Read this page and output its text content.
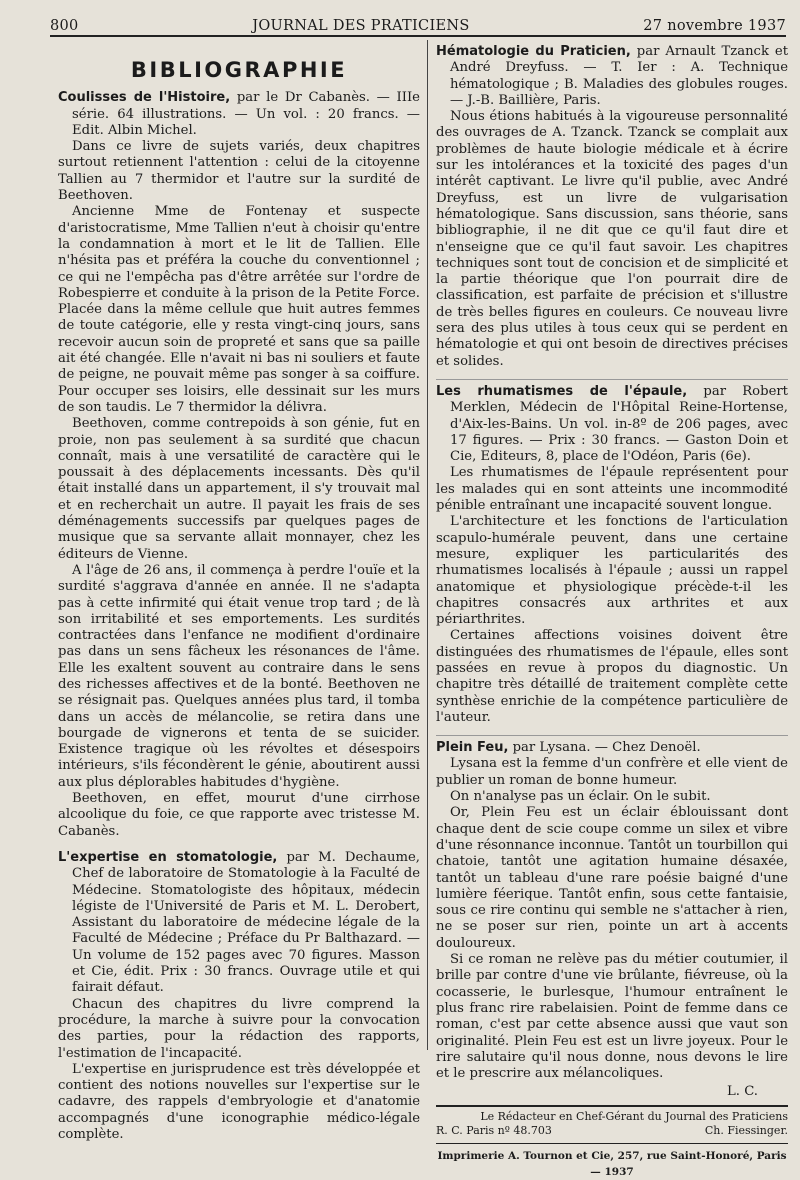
800	JOURNAL DES PRATICIENS	27 novembre 1937
BIBLIOGRAPHIE

Coulisses de l'Histoire, par le Dr Cabanès. — IIIe série. 64 illustrations. — Un vol. : 20 francs. — Edit. Albin Michel.

Dans ce livre de sujets variés, deux chapitres surtout retiennent l'attention : celui de la citoyenne Tallien au 7 thermidor et l'autre sur la surdité de Beethoven.

Ancienne Mme de Fontenay et suspecte d'aristocratisme, Mme Tallien n'eut à choisir qu'entre la condamnation à mort et le lit de Tallien. Elle n'hésita pas et préféra la couche du conventionnel ; ce qui ne l'empêcha pas d'être arrêtée sur l'ordre de Robespierre et conduite à la prison de la Petite Force. Placée dans la même cellule que huit autres femmes de toute catégorie, elle y resta vingt-cinq jours, sans recevoir aucun soin de propreté et sans que sa paille ait été changée. Elle n'avait ni bas ni souliers et faute de peigne, ne pouvait même pas songer à sa coiffure. Pour occuper ses loisirs, elle dessinait sur les murs de son taudis. Le 7 thermidor la délivra.

Beethoven, comme contrepoids à son génie, fut en proie, non pas seulement à sa surdité que chacun connaît, mais à une versatilité de caractère qui le poussait à des déplacements incessants. Dès qu'il était installé dans un appartement, il s'y trouvait mal et en recherchait un autre. Il payait les frais de ses déménagements successifs par quelques pages de musique que sa servante allait monnayer, chez les éditeurs de Vienne.

A l'âge de 26 ans, il commença à perdre l'ouïe et la surdité s'aggrava d'année en année. Il ne s'adapta pas à cette infirmité qui était venue trop tard ; de là son irritabilité et ses emportements. Les surdités contractées dans l'enfance ne modifient d'ordinaire pas dans un sens fâcheux les résonances de l'âme. Elle les exaltent souvent au contraire dans le sens des richesses affectives et de la bonté. Beethoven ne se résignait pas. Quelques années plus tard, il tomba dans un accès de mélancolie, se retira dans une bourgade de vignerons et tenta de se suicider. Existence tragique où les révoltes et désespoirs intérieurs, s'ils fécondèrent le génie, aboutirent aussi aux plus déplorables habitudes d'hygiène.

Beethoven, en effet, mourut d'une cirrhose alcoolique du foie, ce que rapporte avec tristesse M. Cabanès.

L'expertise en stomatologie, par M. Dechaume, Chef de laboratoire de Stomatologie à la Faculté de Médecine. Stomatologiste des hôpitaux, médecin légiste de l'Université de Paris et M. L. Derobert, Assistant du laboratoire de médecine légale de la Faculté de Médecine ; Préface du Pr Balthazard. — Un volume de 152 pages avec 70 figures. Masson et Cie, édit. Prix : 30 francs. Ouvrage utile et qui fairait défaut.

Chacun des chapitres du livre comprend la procédure, la marche à suivre pour la convocation des parties, pour la rédaction des rapports, l'estimation de l'incapacité.

L'expertise en jurisprudence est très développée et contient des notions nouvelles sur l'expertise sur le cadavre, des rappels d'embryologie et d'anatomie accompagnés d'une iconographie médico-légale complète.

Hématologie du Praticien, par Arnault Tzanck et André Dreyfuss. — T. Ier : A. Technique hématologique ; B. Maladies des globules rouges. — J.-B. Baillière, Paris.

Nous étions habitués à la vigoureuse personnalité des ouvrages de A. Tzanck. Tzanck se complait aux problèmes de haute biologie médicale et à écrire sur les intolérances et la toxicité des pages d'un intérêt captivant. Le livre qu'il publie, avec André Dreyfuss, est un livre de vulgarisation hématologique. Sans discussion, sans théorie, sans bibliographie, il ne dit que ce qu'il faut dire et n'enseigne que ce qu'il faut savoir. Les chapitres techniques sont tout de concision et de simplicité et la partie théorique que l'on pourrait dire de classification, est parfaite de précision et s'illustre de très belles figures en couleurs. Ce nouveau livre sera des plus utiles à tous ceux qui se perdent en hématologie et qui ont besoin de directives précises et solides.

Les rhumatismes de l'épaule, par Robert Merklen, Médecin de l'Hôpital Reine-Hortense, d'Aix-les-Bains. Un vol. in-8º de 206 pages, avec 17 figures. — Prix : 30 francs. — Gaston Doin et Cie, Editeurs, 8, place de l'Odéon, Paris (6e).

Les rhumatismes de l'épaule représentent pour les malades qui en sont atteints une incommodité pénible entraînant une incapacité souvent longue.

L'architecture et les fonctions de l'articulation scapulo-humérale peuvent, dans une certaine mesure, expliquer les particularités des rhumatismes localisés à l'épaule ; aussi un rappel anatomique et physiologique précède-t-il les chapitres consacrés aux arthrites et aux périarthrites.

Certaines affections voisines doivent être distinguées des rhumatismes de l'épaule, elles sont passées en revue à propos du diagnostic. Un chapitre très détaillé de traitement complète cette synthèse enrichie de la compétence particulière de l'auteur.

Plein Feu, par Lysana. — Chez Denoël.

Lysana est la femme d'un confrère et elle vient de publier un roman de bonne humeur.

On n'analyse pas un éclair. On le subit.

Or, Plein Feu est un éclair éblouissant dont chaque dent de scie coupe comme un silex et vibre d'une résonnance inconnue. Tantôt un tourbillon qui chatoie, tantôt une agitation humaine désaxée, tantôt un tableau d'une rare poésie baigné d'une lumière féerique. Tantôt enfin, sous cette fantaisie, sous ce rire continu qui semble ne s'attacher à rien, ne se poser sur rien, pointe un art à accents douloureux.

Si ce roman ne relève pas du métier coutumier, il brille par contre d'une vie brûlante, fiévreuse, où la cocasserie, le burlesque, l'humour entraînent le plus franc rire rabelaisien. Point de femme dans ce roman, c'est par cette absence aussi que vaut son originalité. Plein Feu est est un livre joyeux. Pour le rire salutaire qu'il nous donne, nous devons le lire et le prescrire aux mélancoliques.

L. C.
Le Rédacteur en Chef-Gérant du Journal des Praticiens
R. C. Paris nº 48.703	Ch. Fiessinger.
Imprimerie A. Tournon et Cie, 257, rue Saint-Honoré, Paris — 1937
